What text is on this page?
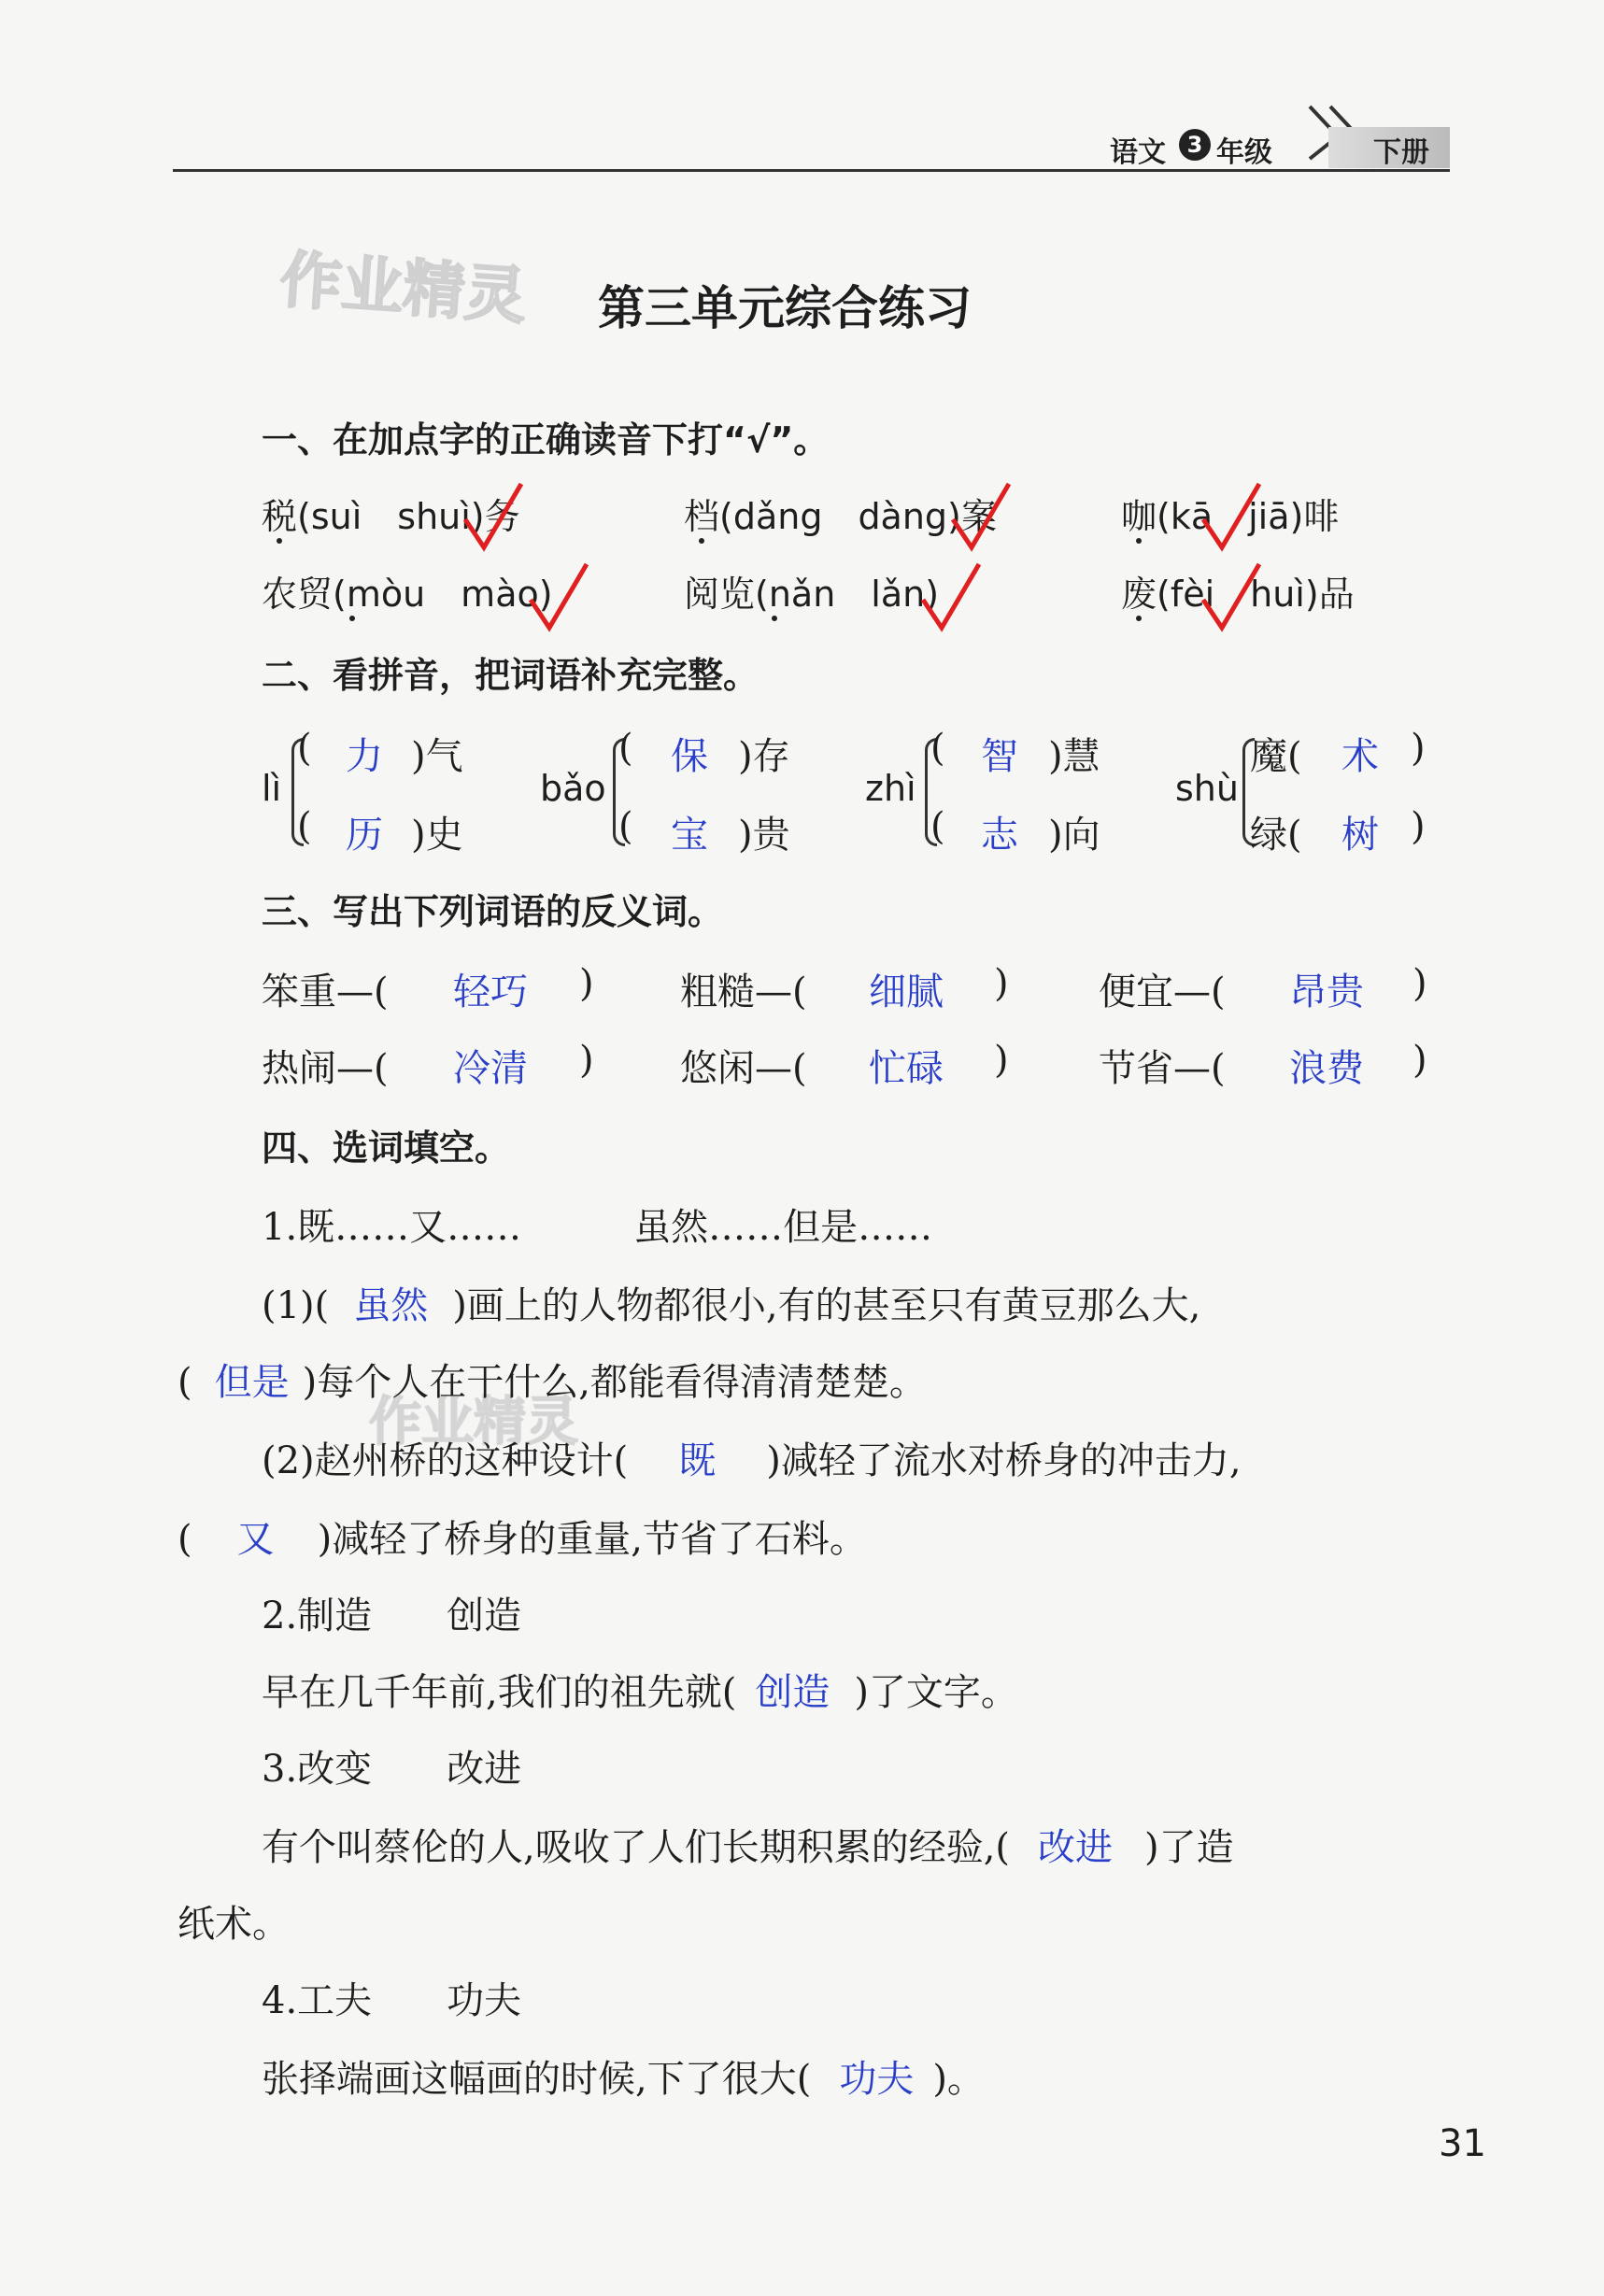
语文 3 年级	下册
作业精灵
作业精灵
第三单元综合练习
一、在加点字的正确读音下打“√”。
税(suì　shuì)务	档(dǎng　dàng)案	咖(kā　jiā)啡
农贸(mòu　mào)	阅览(nǎn　lǎn)	废(fèi　huì)品
二、看拼音，把词语补充完整。
lì
( 力 )气
( 历 )史
bǎo
( 保 )存
( 宝 )贵
zhì
( 智 )慧
( 志 )向
shù
魔( 术 )
绿( 树 )
三、写出下列词语的反义词。
笨重—( 轻巧 ) 粗糙—( 细腻 ) 便宜—( 昂贵 )
热闹—( 冷清 ) 悠闲—( 忙碌 ) 节省—( 浪费 )
四、选词填空。
1.既……又……　　　虽然……但是……
(1)( 虽然 )画上的人物都很小,有的甚至只有黄豆那么大,
( 但是 )每个人在干什么,都能看得清清楚楚。
(2)赵州桥的这种设计( 既 )减轻了流水对桥身的冲击力,
( 又 )减轻了桥身的重量,节省了石料。
2.制造　　创造
早在几千年前,我们的祖先就( 创造 )了文字。
3.改变　　改进
有个叫蔡伦的人,吸收了人们长期积累的经验,( 改进 )了造
纸术。
4.工夫　　功夫
张择端画这幅画的时候,下了很大( 功夫 )。
31
